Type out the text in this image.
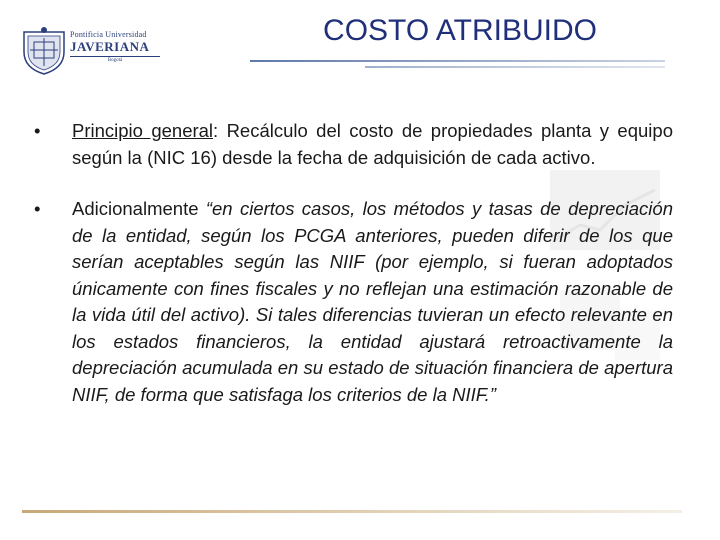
Pontificia Universidad
JAVERIANA
Bogotá
COSTO ATRIBUIDO
•	Principio general: Recálculo del costo de propiedades planta y equipo según la (NIC 16) desde la fecha de adquisición de cada activo.
•	Adicionalmente “en ciertos casos, los métodos y tasas de depreciación de la entidad, según los PCGA anteriores, pueden diferir de los que serían aceptables según las NIIF (por ejemplo, si fueran adoptados únicamente con fines fiscales y no reflejan una estimación razonable de la vida útil del activo). Si tales diferencias tuvieran un efecto relevante en los estados financieros, la entidad ajustará retroactivamente la depreciación acumulada en su estado de situación financiera de apertura NIIF, de forma que satisfaga los criterios de la NIIF.”
